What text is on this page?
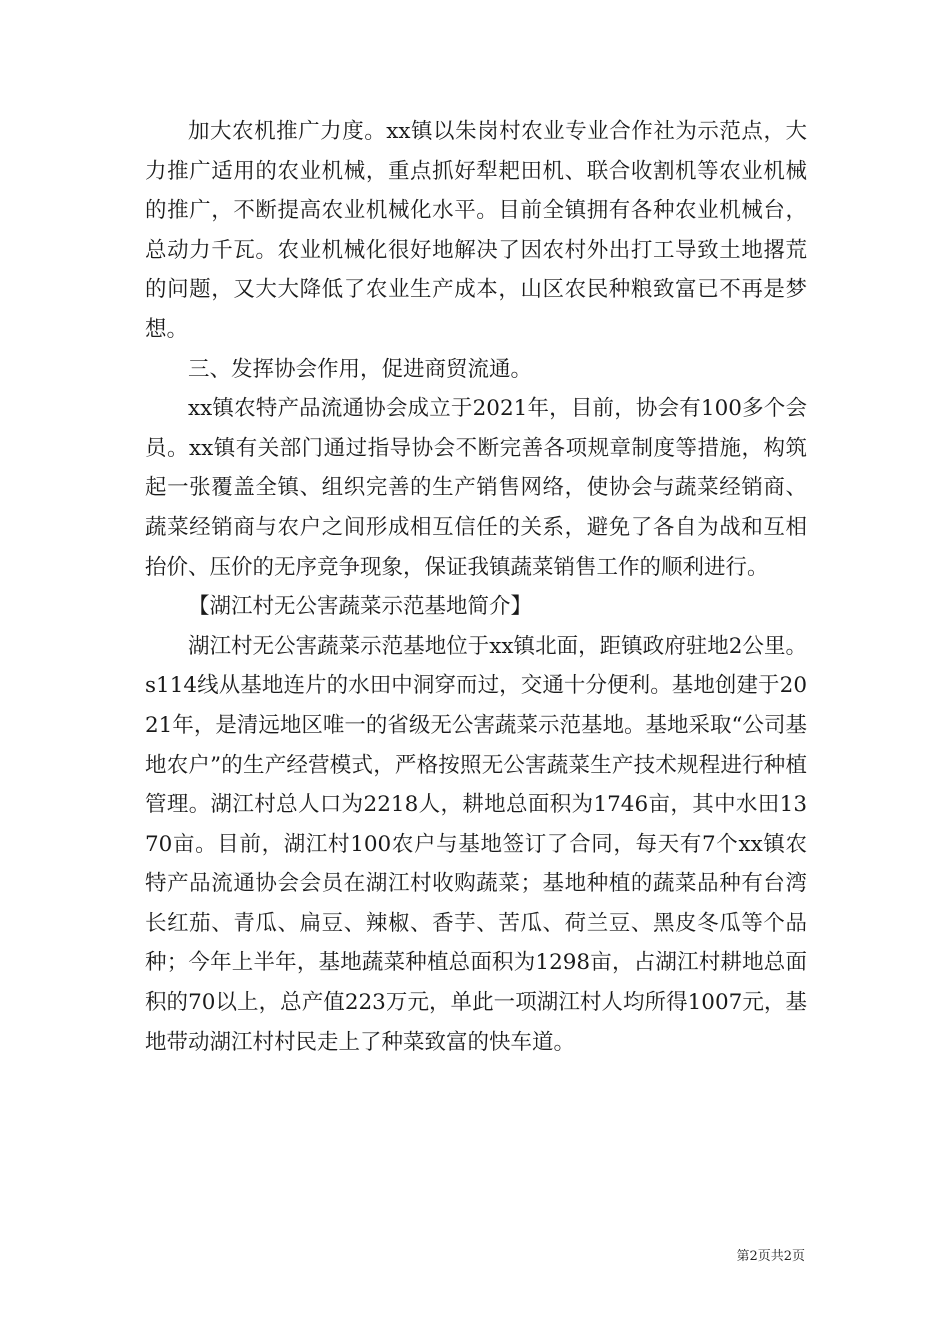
加大农机推广力度。xx镇以朱岗村农业专业合作社为示范点，大力推广适用的农业机械，重点抓好犁耙田机、联合收割机等农业机械的推广，不断提高农业机械化水平。目前全镇拥有各种农业机械台，总动力千瓦。农业机械化很好地解决了因农村外出打工导致土地撂荒的问题，又大大降低了农业生产成本，山区农民种粮致富已不再是梦想。

三、发挥协会作用，促进商贸流通。

xx镇农特产品流通协会成立于2021年，目前，协会有100多个会员。xx镇有关部门通过指导协会不断完善各项规章制度等措施，构筑起一张覆盖全镇、组织完善的生产销售网络，使协会与蔬菜经销商、蔬菜经销商与农户之间形成相互信任的关系，避免了各自为战和互相抬价、压价的无序竞争现象，保证我镇蔬菜销售工作的顺利进行。

【湖江村无公害蔬菜示范基地简介】

湖江村无公害蔬菜示范基地位于xx镇北面，距镇政府驻地2公里。s114线从基地连片的水田中洞穿而过，交通十分便利。基地创建于2021年，是清远地区唯一的省级无公害蔬菜示范基地。基地采取“公司基地农户”的生产经营模式，严格按照无公害蔬菜生产技术规程进行种植管理。湖江村总人口为2218人，耕地总面积为1746亩，其中水田1370亩。目前，湖江村100农户与基地签订了合同，每天有7个xx镇农特产品流通协会会员在湖江村收购蔬菜；基地种植的蔬菜品种有台湾长红茄、青瓜、扁豆、辣椒、香芋、苦瓜、荷兰豆、黑皮冬瓜等个品种；今年上半年，基地蔬菜种植总面积为1298亩，占湖江村耕地总面积的70以上，总产值223万元，单此一项湖江村人均所得1007元，基地带动湖江村村民走上了种菜致富的快车道。

第2页共2页
